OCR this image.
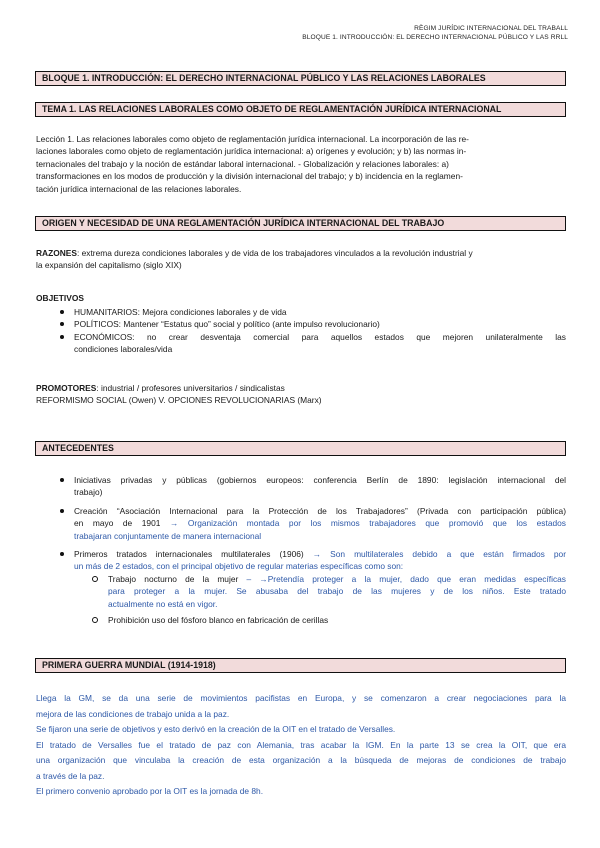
RÈGIM JURÍDIC INTERNACIONAL DEL TRABALL
BLOQUE 1. INTRODUCCIÓN: EL DERECHO INTERNACIONAL PÚBLICO Y LAS RRLL
BLOQUE 1. INTRODUCCIÓN: EL DERECHO INTERNACIONAL PÚBLICO Y LAS RELACIONES LABORALES
TEMA 1. LAS RELACIONES LABORALES COMO OBJETO DE REGLAMENTACIÓN JURÍDICA INTERNACIONAL
Lección 1. Las relaciones laborales como objeto de reglamentación jurídica internacional. La incorporación de las re-
laciones laborales como objeto de reglamentación jurídica internacional: a) orígenes y evolución; y b) las normas in-
ternacionales del trabajo y la noción de estándar laboral internacional. - Globalización y relaciones laborales: a)
transformaciones en los modos de producción y la división internacional del trabajo; y b) incidencia en la reglamen-
tación jurídica internacional de las relaciones laborales.
ORIGEN Y NECESIDAD DE UNA REGLAMENTACIÓN JURÍDICA INTERNACIONAL DEL TRABAJO
RAZONES: extrema dureza condiciones laborales y de vida de los trabajadores vinculados a la revolución industrial y
la expansión del capitalismo (siglo XIX)
OBJETIVOS
HUMANITARIOS: Mejora condiciones laborales y de vida
POLÍTICOS: Mantener “Estatus quo” social y político (ante impulso revolucionario)
ECONÓMICOS: no crear desventaja comercial para aquellos estados que mejoren unilateralmente las
condiciones laborales/vida
PROMOTORES: industrial / profesores universitarios / sindicalistas
REFORMISMO SOCIAL (Owen) V. OPCIONES REVOLUCIONARIAS (Marx)
ANTECEDENTES
Iniciativas privadas y públicas (gobiernos europeos: conferencia Berlín de 1890: legislación internacional del
trabajo)
Creación “Asociación Internacional para la Protección de los Trabajadores” (Privada con participación pública)
en mayo de 1901 → Organización montada por los mismos trabajadores que promovió que los estados
trabajaran conjuntamente de manera internacional
Primeros tratados internacionales multilaterales (1906) → Son multilaterales debido a que están firmados por
un más de 2 estados, con el principal objetivo de regular materias específicas como son:
Trabajo nocturno de la mujer – →Pretendía proteger a la mujer, dado que eran medidas específicas
para proteger a la mujer. Se abusaba del trabajo de las mujeres y de los niños. Este tratado
actualmente no está en vigor.
Prohibición uso del fósforo blanco en fabricación de cerillas
PRIMERA GUERRA MUNDIAL (1914-1918)
Llega la GM, se da una serie de movimientos pacifistas en Europa, y se comenzaron a crear negociaciones para la
mejora de las condiciones de trabajo unida a la paz.
Se fijaron una serie de objetivos y esto derivó en la creación de la OIT en el tratado de Versalles.
El tratado de Versalles fue el tratado de paz con Alemania, tras acabar la IGM. En la parte 13 se crea la OIT, que era
una organización que vinculaba la creación de esta organización a la búsqueda de mejoras de condiciones de trabajo
a través de la paz.
El primero convenio aprobado por la OIT es la jornada de 8h.
